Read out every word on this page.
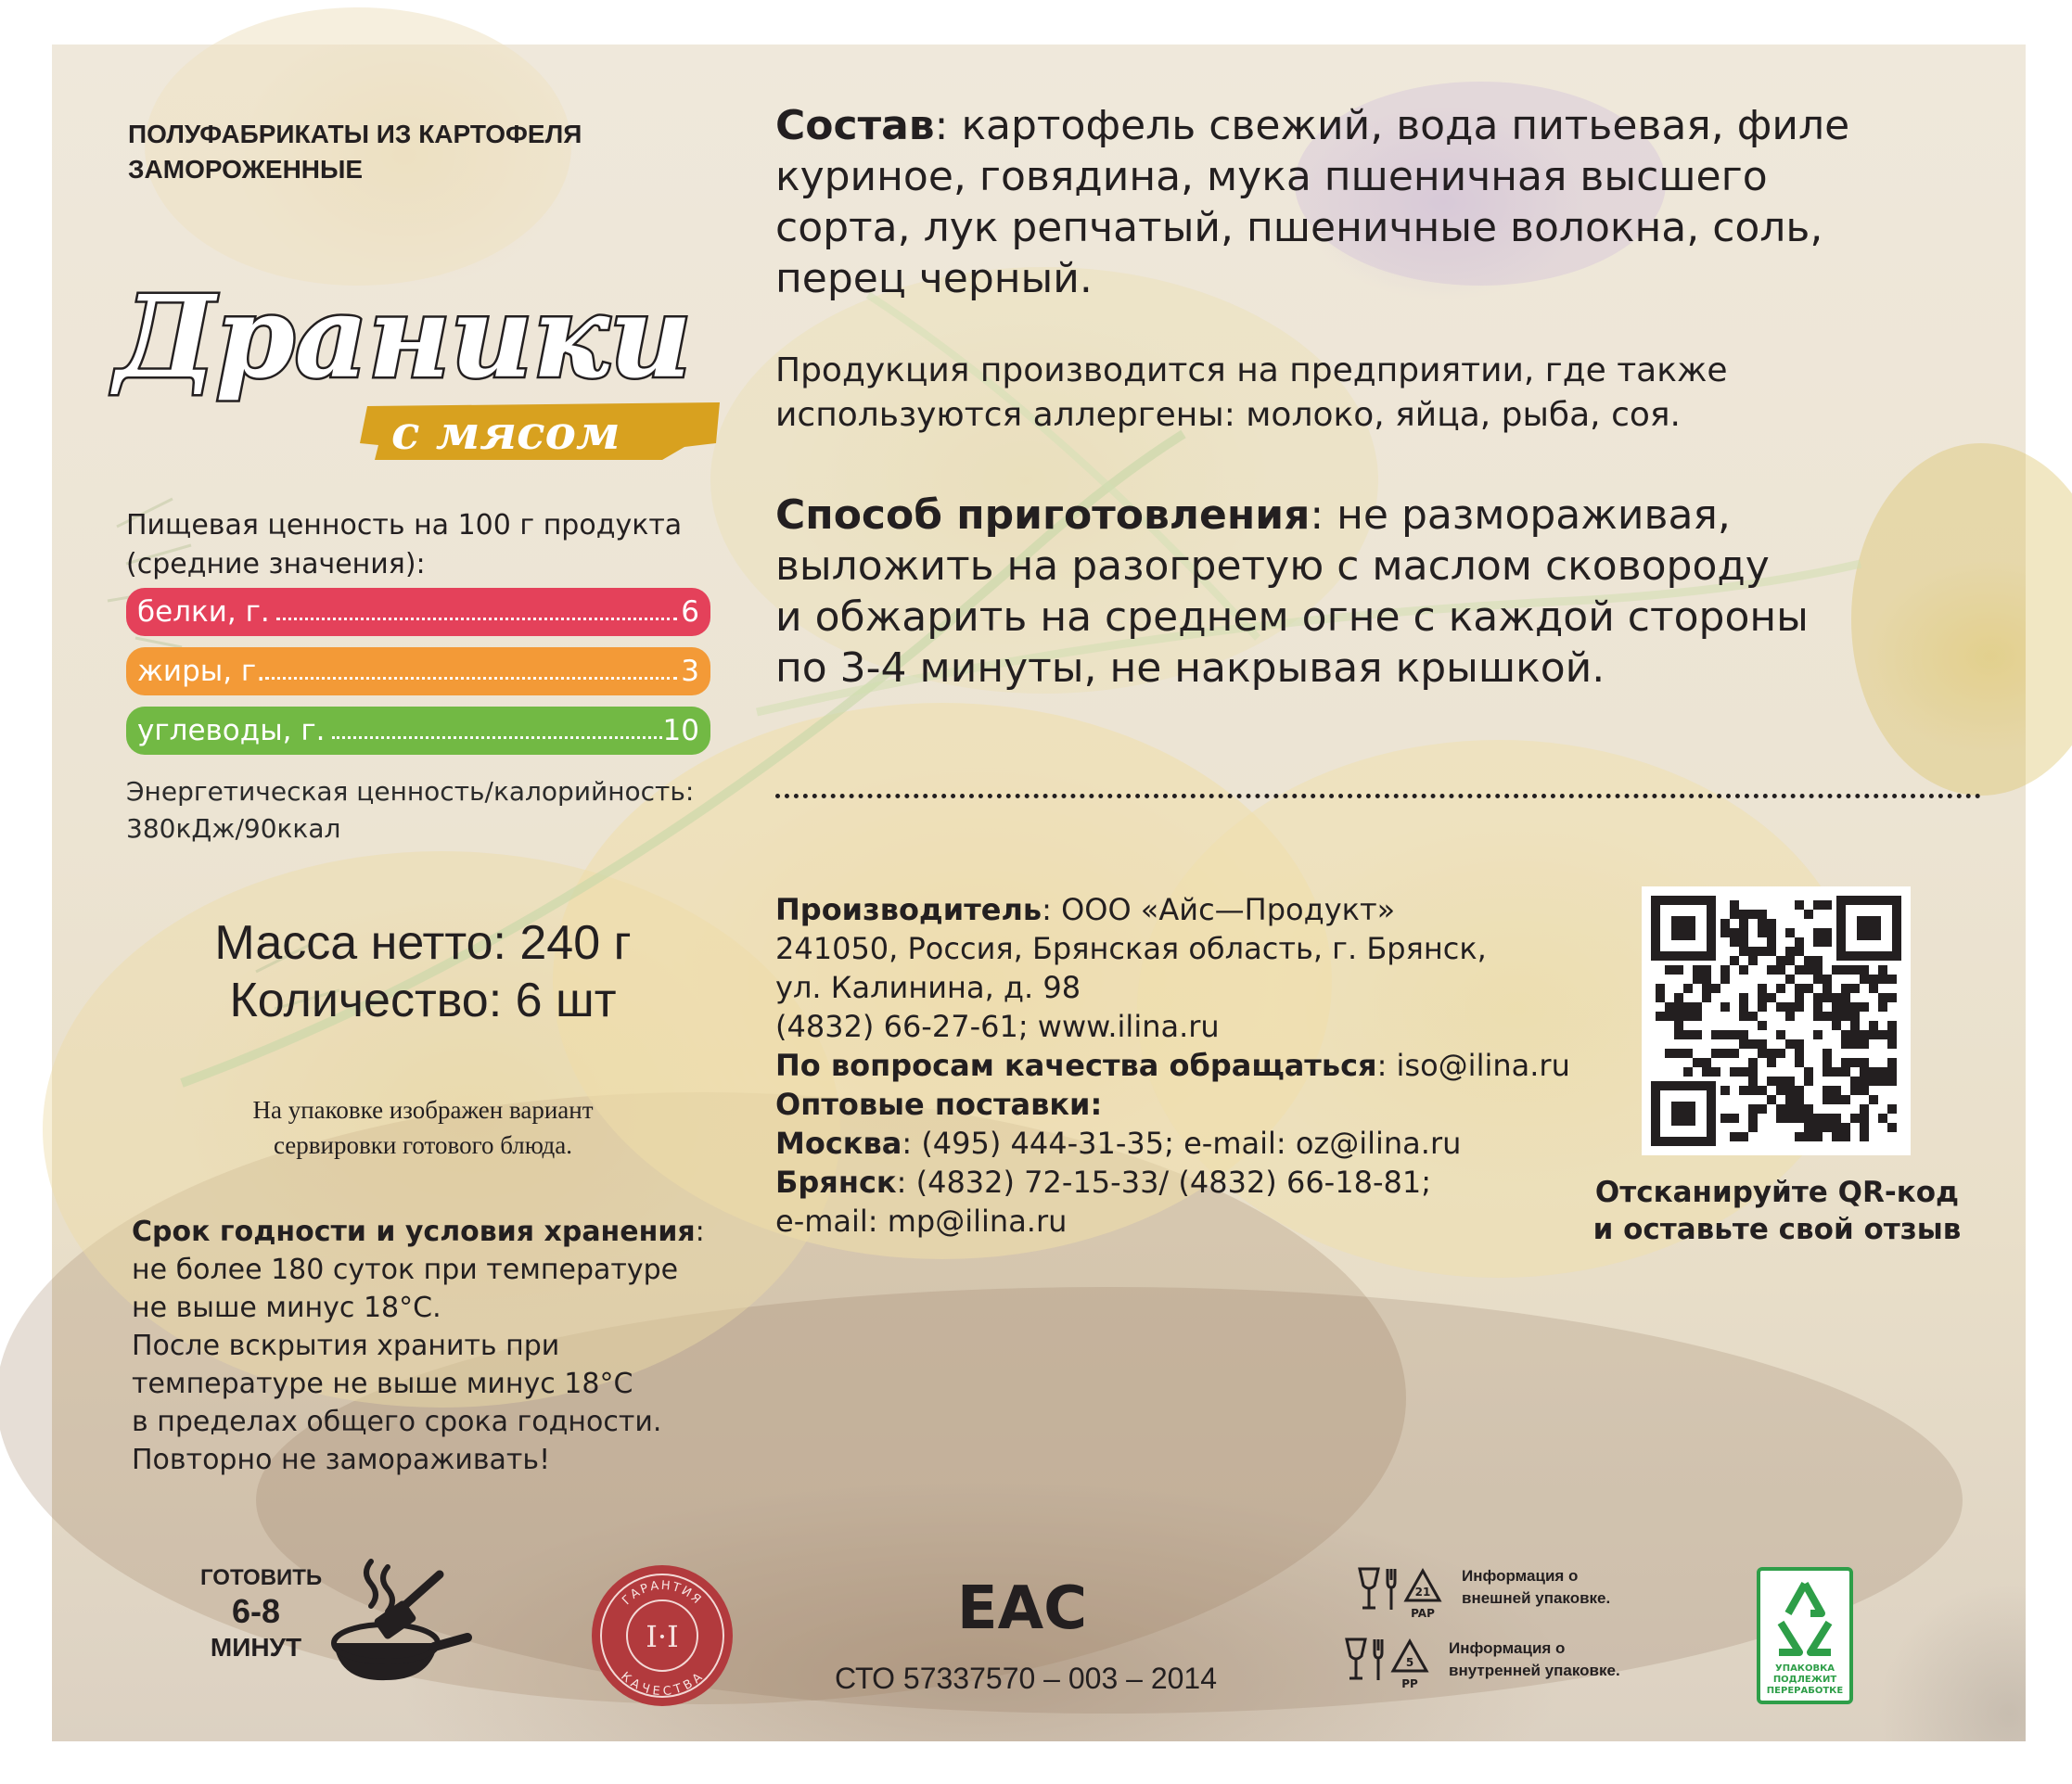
ПОЛУФАБРИКАТЫ ИЗ КАРТОФЕЛЯ
ЗАМОРОЖЕННЫЕ
Драники
с мясом
Пищевая ценность на 100 г продукта
(средние значения):
белки, г.	6
жиры, г.	3
углеводы, г.	10
Энергетическая ценность/калорийность:
380кДж/90ккал
Масса нетто: 240 г
Количество: 6 шт
На упаковке изображен вариант
сервировки готового блюда.
Срок годности и условия хранения:
не более 180 суток при температуре
не выше минус 18°С.
После вскрытия хранить при
температуре не выше минус 18°С
в пределах общего срока годности.
Повторно не замораживать!
Состав: картофель свежий, вода питьевая, филе
куриное, говядина, мука пшеничная высшего
сорта, лук репчатый, пшеничные волокна, соль,
перец черный.
Продукция производится на предприятии, где также
используются аллергены: молоко, яйца, рыба, соя.
Способ приготовления: не размораживая,
выложить на разогретую с маслом сковороду
и обжарить на среднем огне с каждой стороны
по 3-4 минуты, не накрывая крышкой.
Производитель: ООО «Айс—Продукт»
241050, Россия, Брянская область, г. Брянск,
ул. Калинина, д. 98
(4832) 66-27-61; www.ilina.ru
По вопросам качества обращаться: iso@ilina.ru
Оптовые поставки:
Москва: (495) 444-31-35; e-mail: oz@ilina.ru
Брянск: (4832) 72-15-33/ (4832) 66-18-81;
e-mail: mp@ilina.ru
Отсканируйте QR-код
и оставьте свой отзыв
ГОТОВИТЬ
6-8
МИНУТ
ГАРАНТИЯ
КАЧЕСТВА
I·I	EAC
СТО 57337570 – 003 – 2014
21
PAP
Информация о
внешней упаковке.
5
PP
Информация о
внутренней упаковке.	УПАКОВКА
ПОДЛЕЖИТ
ПЕРЕРАБОТКЕ
